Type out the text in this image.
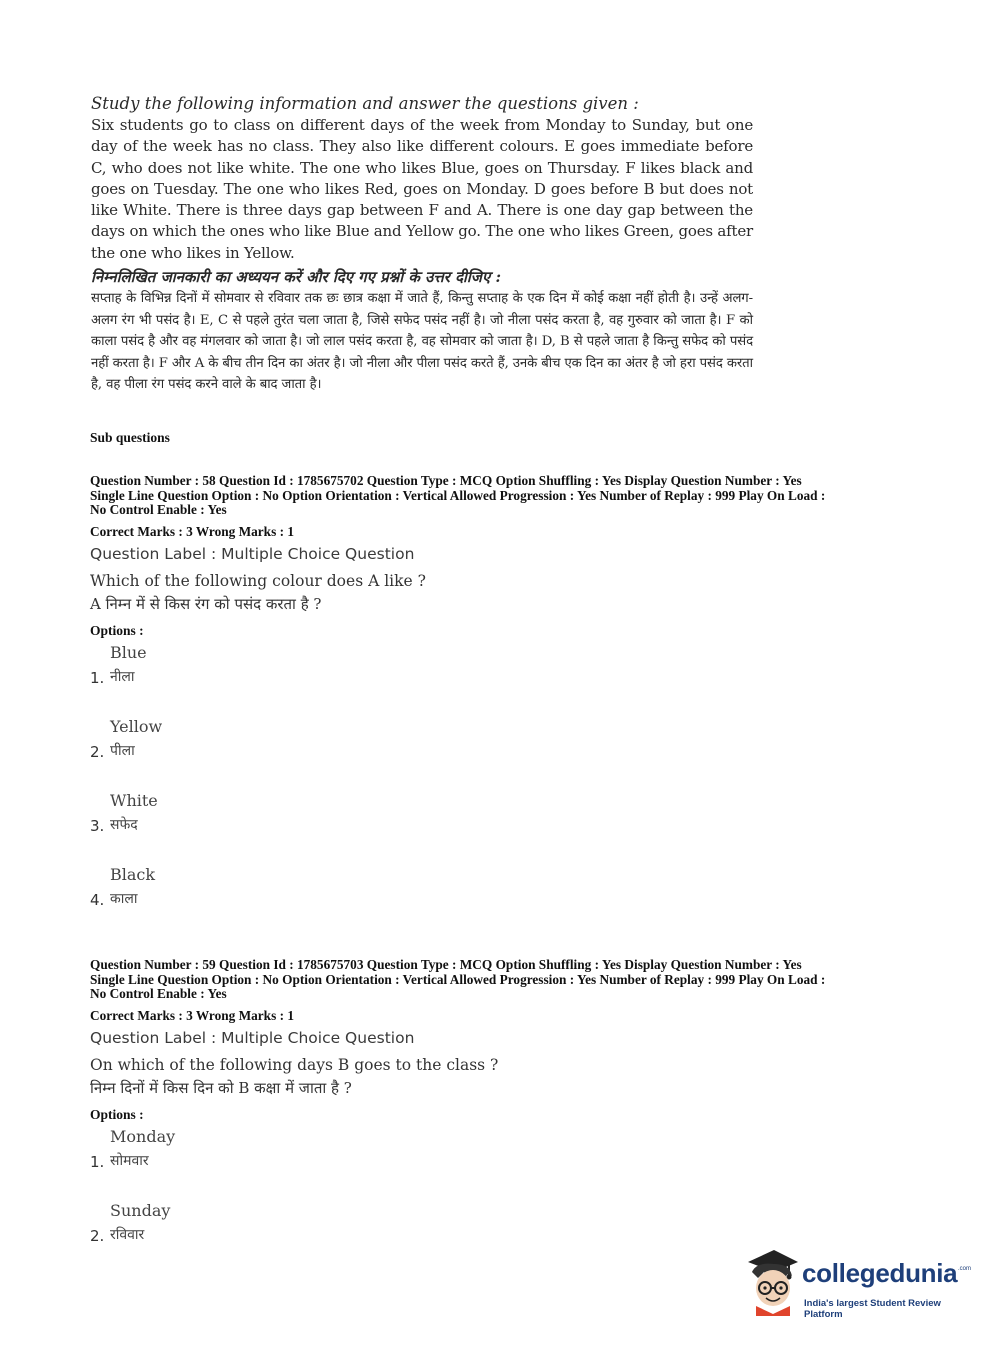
Study the following information and answer the questions given :

Six students go to class on different days of the week from Monday to Sunday, but one day of the week has no class. They also like different colours. E goes immediate before C, who does not like white. The one who likes Blue, goes on Thursday. F likes black and goes on Tuesday. The one who likes Red, goes on Monday. D goes before B but does not like White. There is three days gap between F and A. There is one day gap between the days on which the ones who like Blue and Yellow go. The one who likes Green, goes after the one who likes in Yellow.

निम्नलिखित जानकारी का अध्ययन करें और दिए गए प्रश्नों के उत्तर दीजिए :

सप्ताह के विभिन्न दिनों में सोमवार से रविवार तक छः छात्र कक्षा में जाते हैं, किन्तु सप्ताह के एक दिन में कोई कक्षा नहीं होती है। उन्हें अलग-अलग रंग भी पसंद है। E, C से पहले तुरंत चला जाता है, जिसे सफेद पसंद नहीं है। जो नीला पसंद करता है, वह गुरुवार को जाता है। F को काला पसंद है और वह मंगलवार को जाता है। जो लाल पसंद करता है, वह सोमवार को जाता है। D, B से पहले जाता है किन्तु सफेद को पसंद नहीं करता है। F और A के बीच तीन दिन का अंतर है। जो नीला और पीला पसंद करते हैं, उनके बीच एक दिन का अंतर है जो हरा पसंद करता है, वह पीला रंग पसंद करने वाले के बाद जाता है।

Sub questions

Question Number : 58 Question Id : 1785675702 Question Type : MCQ Option Shuffling : Yes Display Question Number : Yes
Single Line Question Option : No Option Orientation : Vertical Allowed Progression : Yes Number of Replay : 999 Play On Load :
No Control Enable : Yes

Correct Marks : 3 Wrong Marks : 1

Question Label : Multiple Choice Question

Which of the following colour does A like ?

A निम्न में से किस रंग को पसंद करता है ?

Options :

1.
Blue
नीला
2.
Yellow
पीला
3.
White
सफेद
4.
Black
काला

Question Number : 59 Question Id : 1785675703 Question Type : MCQ Option Shuffling : Yes Display Question Number : Yes
Single Line Question Option : No Option Orientation : Vertical Allowed Progression : Yes Number of Replay : 999 Play On Load :
No Control Enable : Yes

Correct Marks : 3 Wrong Marks : 1

Question Label : Multiple Choice Question

On which of the following days B goes to the class ?

निम्न दिनों में किस दिन को B कक्षा में जाता है ?

Options :

1.
Monday
सोमवार
2.
Sunday
रविवार
collegedunia .com
India's largest Student Review Platform
